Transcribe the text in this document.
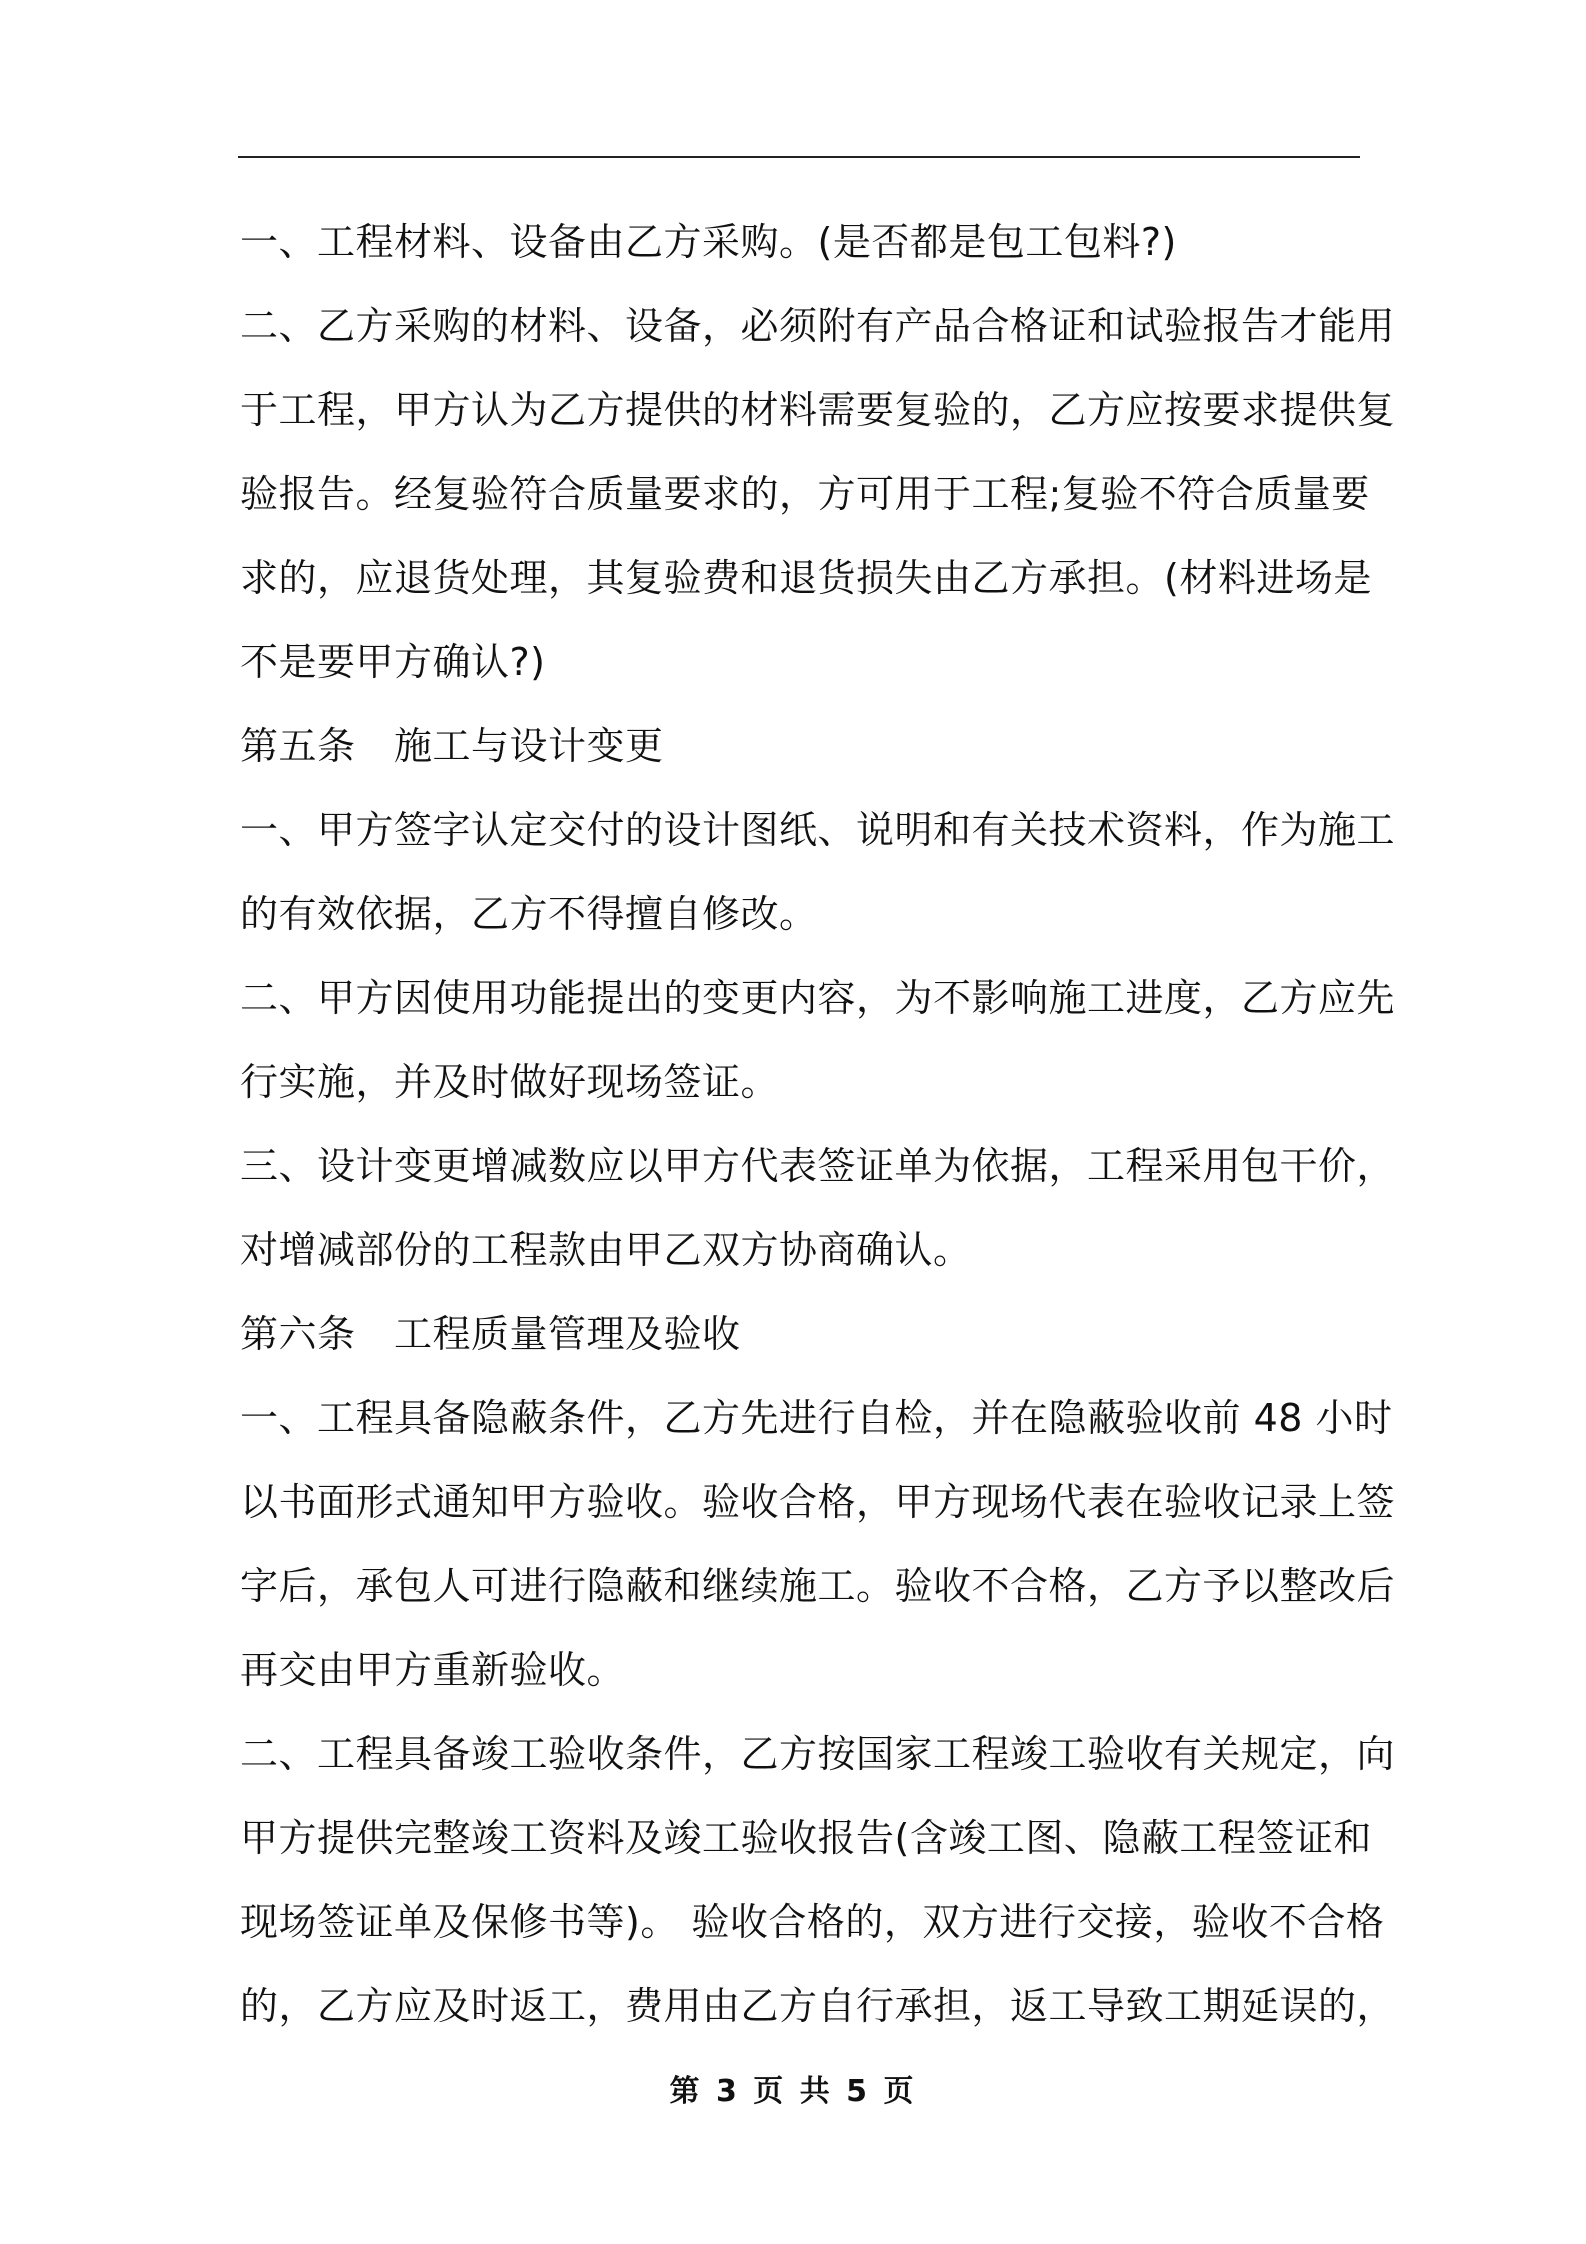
一、工程材料、设备由乙方采购。(是否都是包工包料?)
二、乙方采购的材料、设备，必须附有产品合格证和试验报告才能用
于工程，甲方认为乙方提供的材料需要复验的，乙方应按要求提供复
验报告。经复验符合质量要求的，方可用于工程;复验不符合质量要
求的，应退货处理，其复验费和退货损失由乙方承担。(材料进场是
不是要甲方确认?)
第五条　施工与设计变更
一、甲方签字认定交付的设计图纸、说明和有关技术资料，作为施工
的有效依据，乙方不得擅自修改。
二、甲方因使用功能提出的变更内容，为不影响施工进度，乙方应先
行实施，并及时做好现场签证。
三、设计变更增减数应以甲方代表签证单为依据，工程采用包干价，
对增减部份的工程款由甲乙双方协商确认。
第六条　工程质量管理及验收
一、工程具备隐蔽条件，乙方先进行自检，并在隐蔽验收前 48 小时
以书面形式通知甲方验收。验收合格，甲方现场代表在验收记录上签
字后，承包人可进行隐蔽和继续施工。验收不合格，乙方予以整改后
再交由甲方重新验收。
二、工程具备竣工验收条件，乙方按国家工程竣工验收有关规定，向
甲方提供完整竣工资料及竣工验收报告(含竣工图、隐蔽工程签证和
现场签证单及保修书等)。 验收合格的，双方进行交接，验收不合格
的，乙方应及时返工，费用由乙方自行承担，返工导致工期延误的，
第 3 页 共 5 页
